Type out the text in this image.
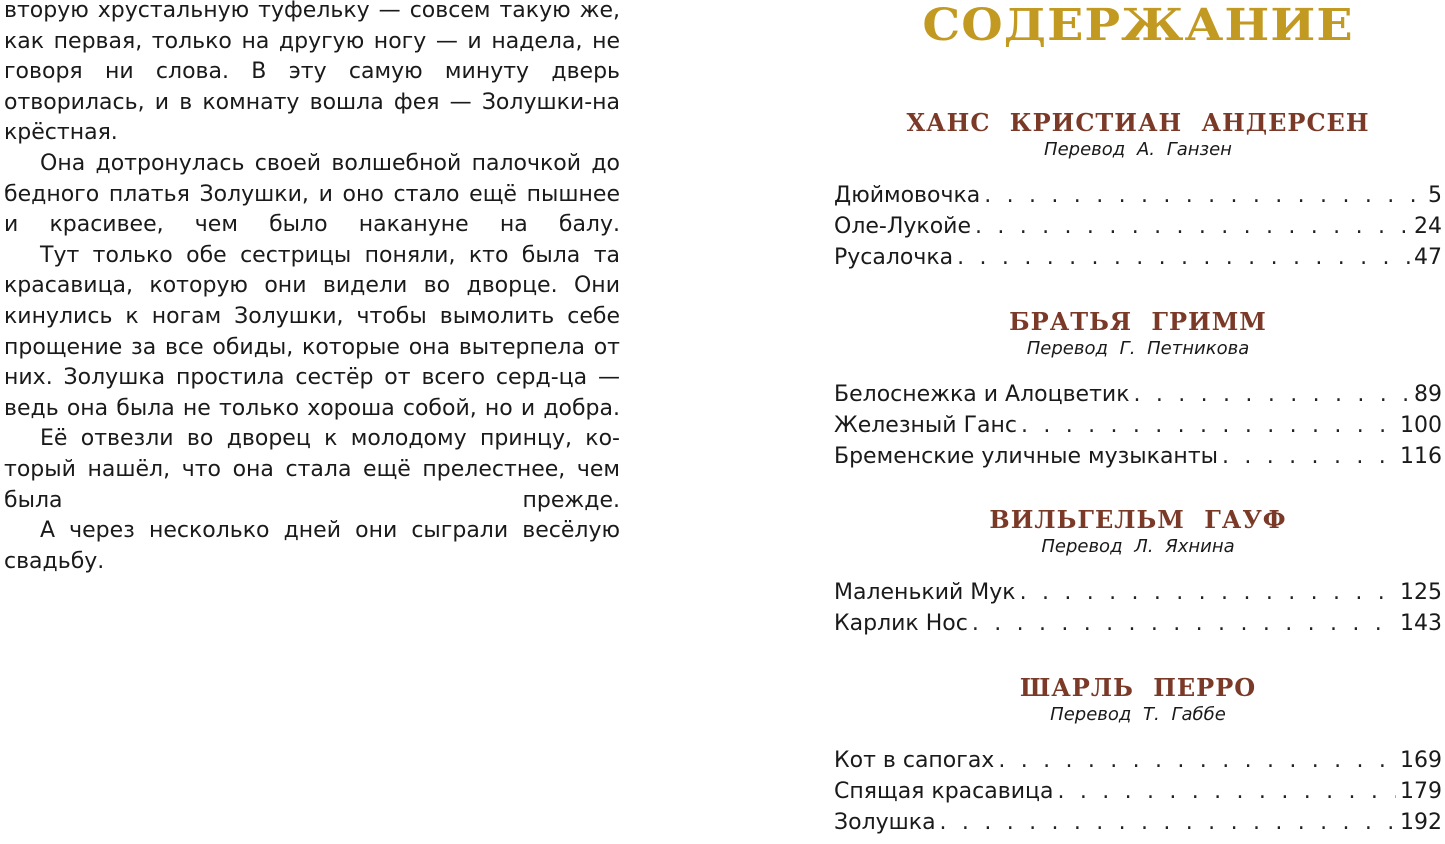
вторую хрустальную туфельку — совсем такую же, как первая, только на другую ногу — и надела, не говоря ни слова. В эту самую минуту дверь отворилась, и в комнату вошла фея — Золушки-на крёстная.

Она дотронулась своей волшебной палочкой до бедного платья Золушки, и оно стало ещё пышнее и красивее, чем было накануне на балу.

Тут только обе сестрицы поняли, кто была та красавица, которую они видели во дворце. Они кинулись к ногам Золушки, чтобы вымолить себе прощение за все обиды, которые она вытерпела от них. Золушка простила сестёр от всего серд-ца — ведь она была не только хороша собой, но и добра.

Её отвезли во дворец к молодому принцу, ко-торый нашёл, что она стала ещё прелестнее, чем была прежде.

А через несколько дней они сыграли весёлую свадьбу.

СОДЕРЖАНИЕ

ХАНС КРИСТИАН АНДЕРСЕН

Перевод А. Ганзен

Дюймовочка . . .	5
Оле-Лукойе . . .	24
Русалочка . . .	47

БРАТЬЯ ГРИММ

Перевод Г. Петникова

Белоснежка и Алоцветик . . .	89
Железный Ганс . . .	100
Бременские уличные музыканты . . .	116

ВИЛЬГЕЛЬМ ГАУФ

Перевод Л. Яхнина

Маленький Мук . . .	125
Карлик Нос . . .	143

ШАРЛЬ ПЕРРО

Перевод Т. Габбе

Кот в сапогах . . .	169
Спящая красавица . . .	179
Золушка . . .	192
